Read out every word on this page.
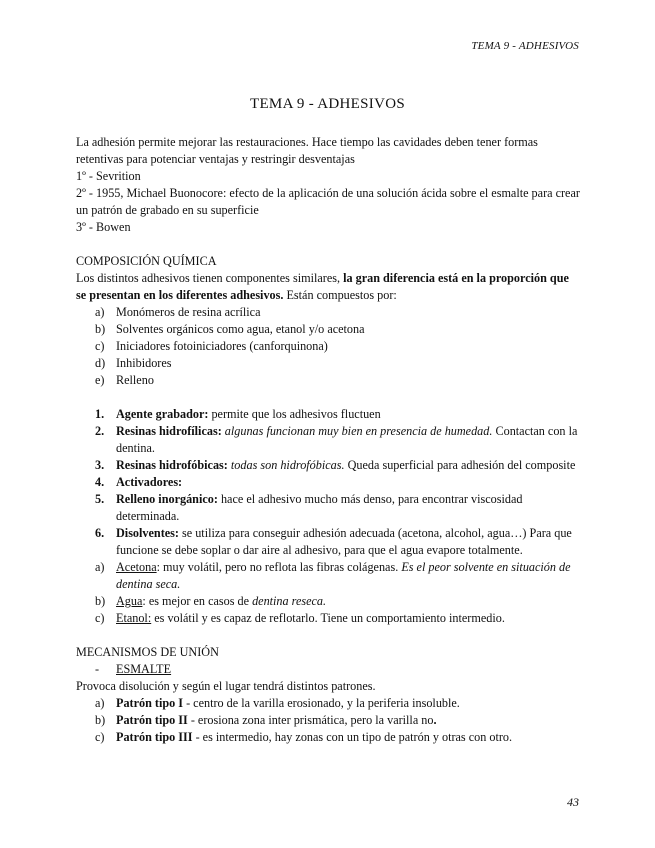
TEMA 9 - ADHESIVOS
TEMA 9 - ADHESIVOS

La adhesión permite mejorar las restauraciones. Hace tiempo las cavidades deben tener formas retentivas para potenciar ventajas y restringir desventajas

1º - Sevrition

2º - 1955, Michael Buonocore: efecto de la aplicación de una solución ácida sobre el esmalte para crear un patrón de grabado en su superficie

3º - Bowen

COMPOSICIÓN QUÍMICA

Los distintos adhesivos tienen componentes similares, la gran diferencia está en la proporción que se presentan en los diferentes adhesivos. Están compuestos por:

a) Monómeros de resina acrílica
b) Solventes orgánicos como agua, etanol y/o acetona
c) Iniciadores fotoiniciadores (canforquinona)
d) Inhibidores
e) Relleno
1. Agente grabador: permite que los adhesivos fluctuen
2. Resinas hidrofílicas: algunas funcionan muy bien en presencia de humedad. Contactan con la dentina.
3. Resinas hidrofóbicas: todas son hidrofóbicas. Queda superficial para adhesión del composite
4. Activadores:
5. Relleno inorgánico: hace el adhesivo mucho más denso, para encontrar viscosidad determinada.
6. Disolventes: se utiliza para conseguir adhesión adecuada (acetona, alcohol, agua…) Para que funcione se debe soplar o dar aire al adhesivo, para que el agua evapore totalmente.
a) Acetona: muy volátil, pero no reflota las fibras colágenas. Es el peor solvente en situación de dentina seca.
b) Agua: es mejor en casos de dentina reseca.
c) Etanol: es volátil y es capaz de reflotarlo. Tiene un comportamiento intermedio.

MECANISMOS DE UNIÓN

- ESMALTE

Provoca disolución y según el lugar tendrá distintos patrones.

a) Patrón tipo I - centro de la varilla erosionado, y la periferia insoluble.
b) Patrón tipo II - erosiona zona inter prismática, pero la varilla no.
c) Patrón tipo III - es intermedio, hay zonas con un tipo de patrón y otras con otro.
43
